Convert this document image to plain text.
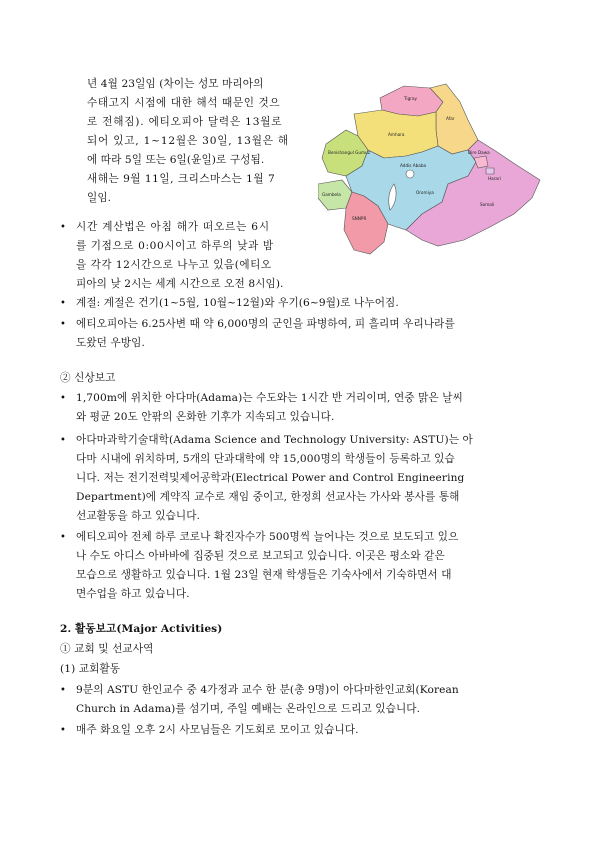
년 4월 23일임 (차이는 성모 마리아의
수태고지 시점에 대한 해석 때문인 것으
로 전해짐). 에티오피아 달력은 13월로
되어 있고, 1~12월은 30일, 13월은 해
에 따라 5일 또는 6일(윤일)로 구성됨.
새해는 9월 11일, 크리스마스는 1월 7
일임.
Tigray
Afar
Amhara
Benishangul Gumuz
Addis Ababa
Dire Dawa
Harari
Gambela	Oromiya
SNNPR
Somali
• 시간 계산법은 아침 해가 떠오르는 6시
를 기점으로 0:00시이고 하루의 낮과 밤
을 각각 12시간으로 나누고 있음(에티오
피아의 낮 2시는 세계 시간으로 오전 8시임).
• 계절: 계절은 건기(1~5월, 10월~12월)와 우기(6~9월)로 나누어짐.
• 에티오피아는 6.25사변 때 약 6,000명의 군인을 파병하여, 피 흘리며 우리나라를
도왔던 우방임.
② 신상보고
• 1,700m에 위치한 아다마(Adama)는 수도와는 1시간 반 거리이며, 연중 맑은 날씨
와 평균 20도 안팎의 온화한 기후가 지속되고 있습니다.
• 아다마과학기술대학(Adama Science and Technology University: ASTU)는 아
다마 시내에 위치하며, 5개의 단과대학에 약 15,000명의 학생들이 등록하고 있습
니다. 저는 전기전력및제어공학과(Electrical Power and Control Engineering
Department)에 계약직 교수로 재임 중이고, 한정희 선교사는 가사와 봉사를 통해
선교활동을 하고 있습니다.
• 에티오피아 전체 하루 코로나 확진자수가 500명씩 늘어나는 것으로 보도되고 있으
나 수도 아디스 아바바에 집중된 것으로 보고되고 있습니다. 이곳은 평소와 같은
모습으로 생활하고 있습니다. 1월 23일 현재 학생들은 기숙사에서 기숙하면서 대
면수업을 하고 있습니다.
2. 활동보고(Major Activities)
① 교회 및 선교사역
(1) 교회활동
• 9분의 ASTU 한인교수 중 4가정과 교수 한 분(총 9명)이 아다마한인교회(Korean
Church in Adama)를 섬기며, 주일 예배는 온라인으로 드리고 있습니다.
• 매주 화요일 오후 2시 사모님들은 기도회로 모이고 있습니다.
